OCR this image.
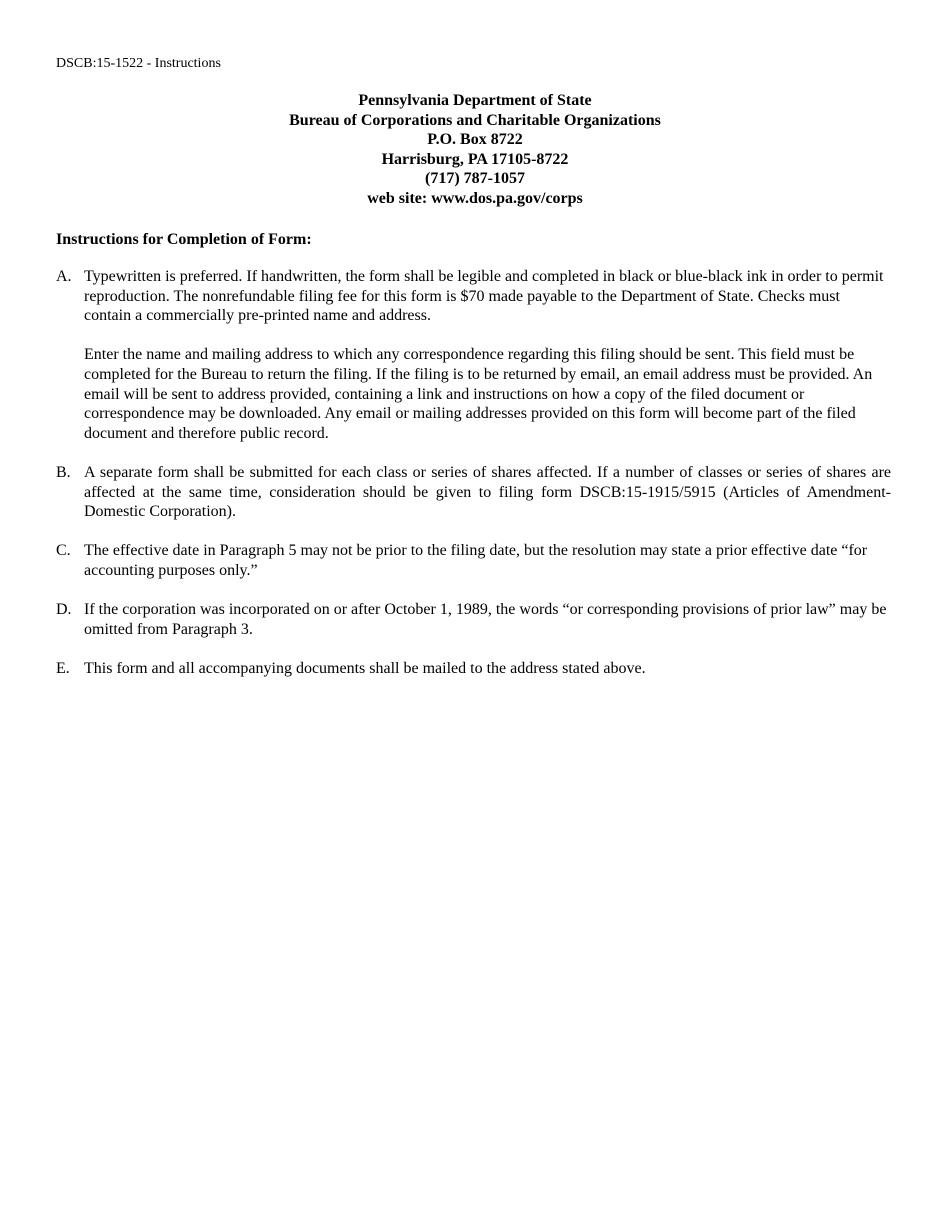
DSCB:15-1522 - Instructions
Pennsylvania Department of State
Bureau of Corporations and Charitable Organizations
P.O. Box 8722
Harrisburg, PA 17105-8722
(717) 787-1057
web site: www.dos.pa.gov/corps
Instructions for Completion of Form:
A. Typewritten is preferred. If handwritten, the form shall be legible and completed in black or blue-black ink in order to permit reproduction. The nonrefundable filing fee for this form is $70 made payable to the Department of State. Checks must contain a commercially pre-printed name and address.

Enter the name and mailing address to which any correspondence regarding this filing should be sent. This field must be completed for the Bureau to return the filing. If the filing is to be returned by email, an email address must be provided. An email will be sent to address provided, containing a link and instructions on how a copy of the filed document or correspondence may be downloaded. Any email or mailing addresses provided on this form will become part of the filed document and therefore public record.

B. A separate form shall be submitted for each class or series of shares affected. If a number of classes or series of shares are affected at the same time, consideration should be given to filing form DSCB:15-1915/5915 (Articles of Amendment-Domestic Corporation).

C. The effective date in Paragraph 5 may not be prior to the filing date, but the resolution may state a prior effective date “for accounting purposes only.”

D. If the corporation was incorporated on or after October 1, 1989, the words “or corresponding provisions of prior law” may be omitted from Paragraph 3.

E. This form and all accompanying documents shall be mailed to the address stated above.
